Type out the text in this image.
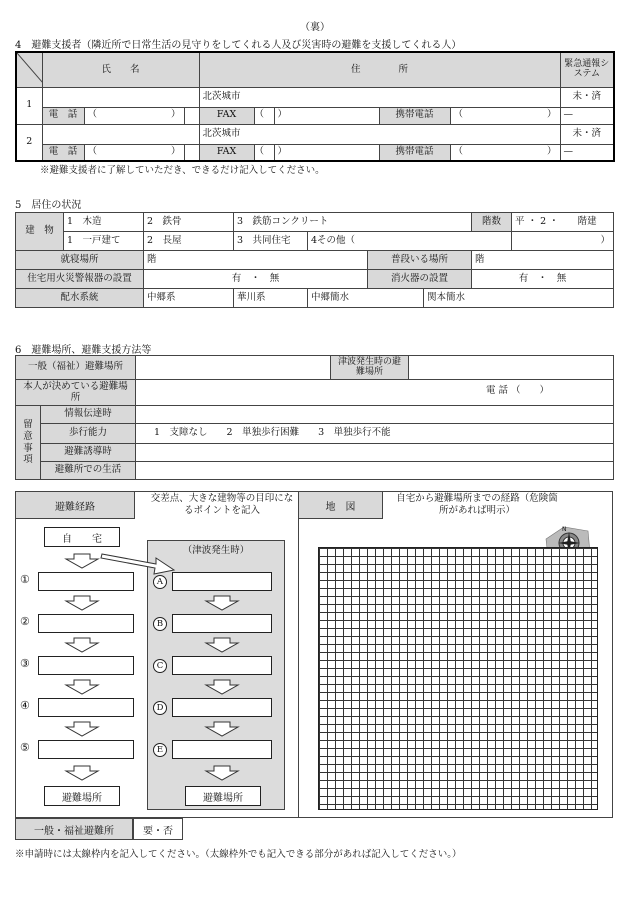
（裏）
4　避難支援者（隣近所で日常生活の見守りをしてくれる人及び災害時の避難を支援してくれる人）
	氏　　名			住　　　　所					緊急通報システム
1				北茨城市					未・済
	電　話	（ ）		FAX	（	）	携帯電話	（ ）	—
2				北茨城市					未・済
	電　話	（ ）		FAX	（	）	携帯電話	（ ）	—
※避難支援者に了解していただき、できるだけ記入してください。
5　居住の状況
建　物	1　木造	2　鉄骨	3　鉄筋コンクリート				階数	平 ・ 2 ・　　階建
	1　一戸建て	2　長屋	3　共同住宅	4その他（				）
就寝場所		階			普段いる場所		階	
住宅用火災警報器の設置		有　・　無			消火器の設置		有　・　無	
配水系統		中郷系	華川系	中郷簡水		関本簡水		
6　避難場所、避難支援方法等
一般（福祉）避難場所			津波発生時の避難場所	
本人が決めている避難場所		電 話 （　　）		

留意事項	情報伝達時			
	歩行能力	1　支障なし　　2　単独歩行困難　　3　単独歩行不能		
	避難誘導時			
	避難所での生活			
避難経路
交差点、大きな建物等の目印になるポイントを記入	地　図
自宅から避難場所までの経路（危険箇所があれば明示）
N
自　　宅
（津波発生時）
①
②
③
④
⑤
避難場所
A
B
C
D
E
避難場所
一般・福祉避難所	要・否
※申請時には太線枠内を記入してください。（太線枠外でも記入できる部分があれば記入してください。）
